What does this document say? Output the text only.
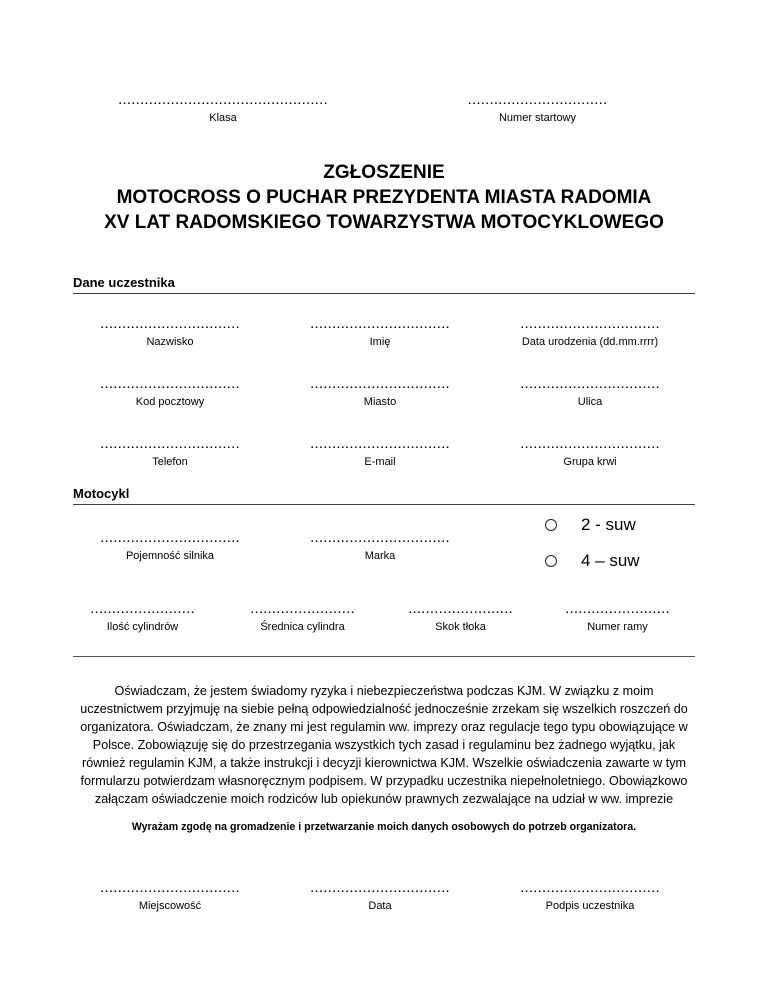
................................................
Klasa
................................
Numer startowy
ZGŁOSZENIE
MOTOCROSS O PUCHAR PREZYDENTA MIASTA RADOMIA
XV LAT RADOMSKIEGO TOWARZYSTWA MOTOCYKLOWEGO
Dane uczestnika
................................
Nazwisko
................................
Imię
................................
Data urodzenia (dd.mm.rrrr)
................................
Kod pocztowy
................................
Miasto
................................
Ulica
................................
Telefon
................................
E-mail
................................
Grupa krwi
Motocykl
................................
Pojemność silnika
................................
Marka
2 - suw
4 – suw
........................
Ilość cylindrów
........................
Średnica cylindra
........................
Skok tłoka
........................
Numer ramy
Oświadczam, że jestem świadomy ryzyka i niebezpieczeństwa podczas KJM. W związku z moim uczestnictwem przyjmuję na siebie pełną odpowiedzialność jednocześnie zrzekam się wszelkich roszczeń do organizatora. Oświadczam, że znany mi jest regulamin ww. imprezy oraz regulacje tego typu obowiązujące w Polsce. Zobowiązuję się do przestrzegania wszystkich tych zasad i regulaminu bez żadnego wyjątku, jak również regulamin KJM, a także instrukcji i decyzji kierownictwa KJM. Wszelkie oświadczenia zawarte w tym formularzu potwierdzam własnoręcznym podpisem. W przypadku uczestnika niepełnoletniego. Obowiązkowo załączam oświadczenie moich rodziców lub opiekunów prawnych zezwalające na udział w ww. imprezie
Wyrażam zgodę na gromadzenie i przetwarzanie moich danych osobowych do potrzeb organizatora.
................................
Miejscowość
................................
Data
................................
Podpis uczestnika
